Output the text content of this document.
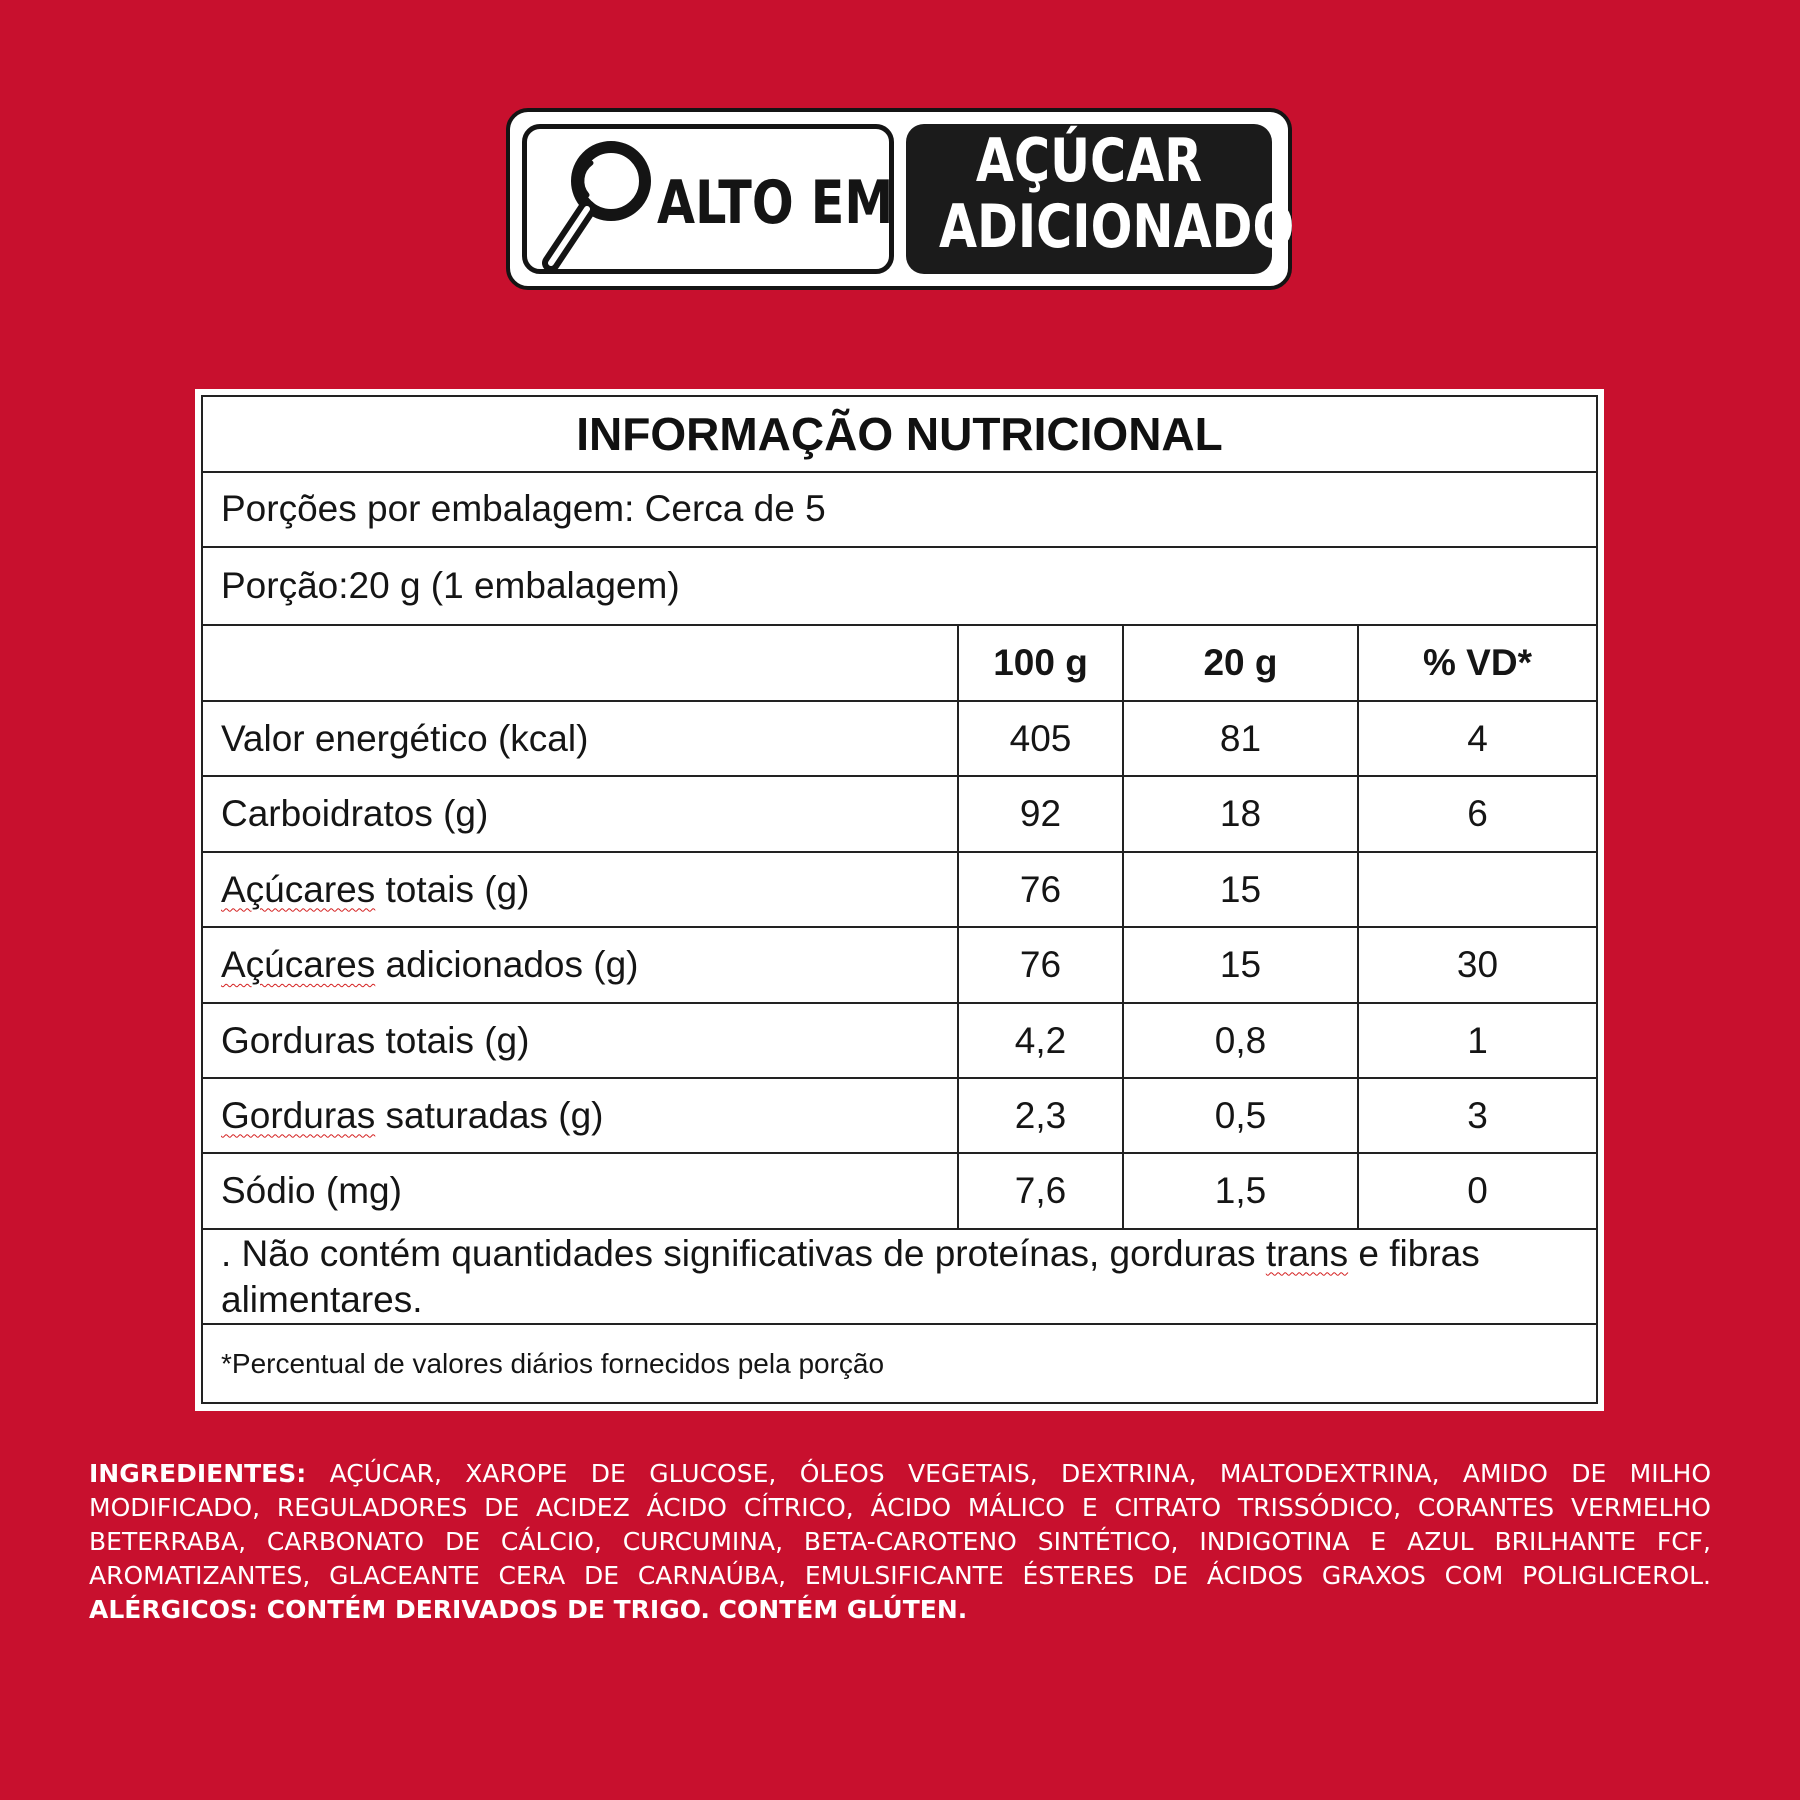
ALTO EM
AÇÚCAR
ADICIONADO
INFORMAÇÃO NUTRICIONAL
Porções por embalagem: Cerca de 5
Porção:20 g (1 embalagem)
100 g	20 g	% VD*
Valor energético (kcal)	405	81	4
Carboidratos (g)	92	18	6
Açúcares totais (g)	76	15
Açúcares adicionados (g)	76	15	30
Gorduras totais (g)	4,2	0,8	1
Gorduras saturadas (g)	2,3	0,5	3
Sódio (mg)	7,6	1,5	0
. Não contém quantidades significativas de proteínas, gorduras trans e fibras alimentares.
*Percentual de valores diários fornecidos pela porção
INGREDIENTES: AÇÚCAR, XAROPE DE GLUCOSE, ÓLEOS VEGETAIS, DEXTRINA, MALTODEXTRINA, AMIDO DE MILHO MODIFICADO, REGULADORES DE ACIDEZ ÁCIDO CÍTRICO, ÁCIDO MÁLICO E CITRATO TRISSÓDICO, CORANTES VERMELHO BETERRABA, CARBONATO DE CÁLCIO, CURCUMINA, BETA-CAROTENO SINTÉTICO, INDIGOTINA E AZUL BRILHANTE FCF, AROMATIZANTES, GLACEANTE CERA DE CARNAÚBA, EMULSIFICANTE ÉSTERES DE ÁCIDOS GRAXOS COM POLIGLICEROL. ALÉRGICOS: CONTÉM DERIVADOS DE TRIGO. CONTÉM GLÚTEN.
